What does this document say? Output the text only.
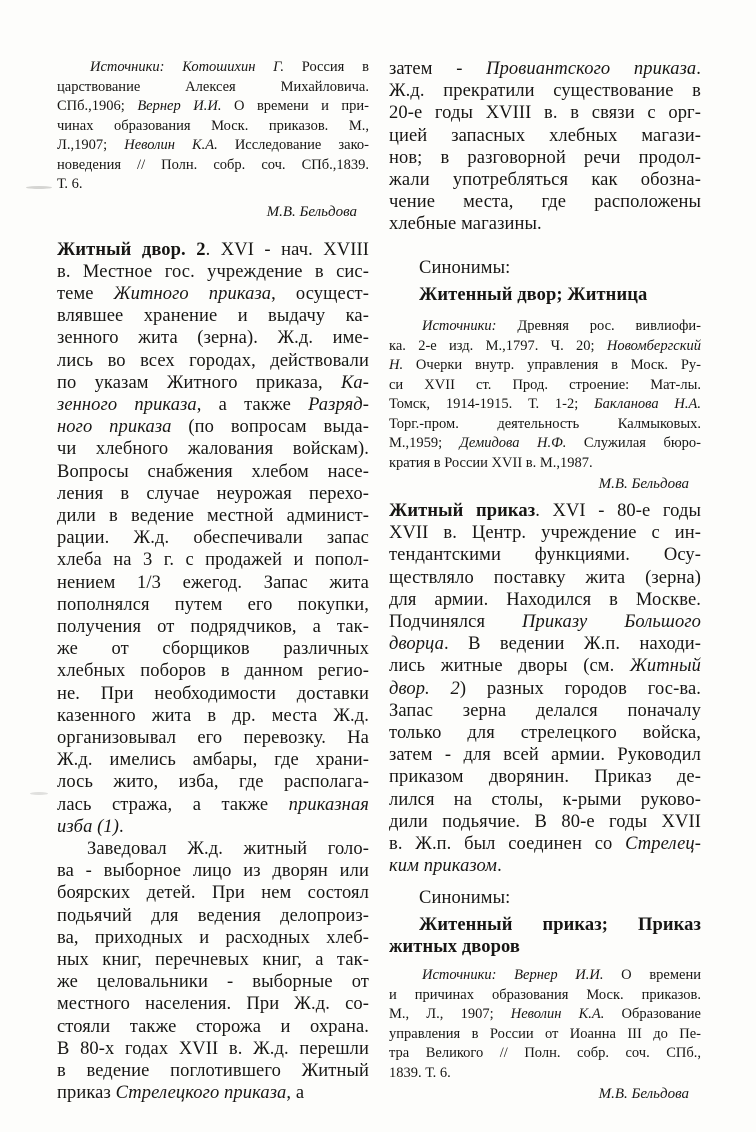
Источники: Котошихин Г. Россия в
царствование Алексея Михайловича.
СПб.,1906; Вернер И.И. О времени и при-
чинах образования Моск. приказов. М.,
Л.,1907; Неволин К.А. Исследование зако-
новедения // Полн. собр. соч. СПб.,1839.
Т. 6.
М.В. Бельдова
Житный двор. 2. XVI - нач. XVIII
в. Местное гос. учреждение в сис-
теме Житного приказа, осущест-
влявшее хранение и выдачу ка-
зенного жита (зерна). Ж.д. име-
лись во всех городах, действовали
по указам Житного приказа, Ка-
зенного приказа, а также Разряд-
ного приказа (по вопросам выда-
чи хлебного жалования войскам).
Вопросы снабжения хлебом насе-
ления в случае неурожая перехо-
дили в ведение местной админист-
рации. Ж.д. обеспечивали запас
хлеба на 3 г. с продажей и попол-
нением 1/3 ежегод. Запас жита
пополнялся путем его покупки,
получения от подрядчиков, а так-
же от сборщиков различных
хлебных поборов в данном регио-
не. При необходимости доставки
казенного жита в др. места Ж.д.
организовывал его перевозку. На
Ж.д. имелись амбары, где храни-
лось жито, изба, где располага-
лась стража, а также приказная
изба (1).
Заведовал Ж.д. житный голо-
ва - выборное лицо из дворян или
боярских детей. При нем состоял
подьячий для ведения делопроиз-
ва, приходных и расходных хлеб-
ных книг, перечневых книг, а так-
же целовальники - выборные от
местного населения. При Ж.д. со-
стояли также сторожа и охрана.
В 80-х годах XVII в. Ж.д. перешли
в ведение поглотившего Житный
приказ Стрелецкого приказа, а
затем - Провиантского приказа.
Ж.д. прекратили существование в
20-е годы XVIII в. в связи с орг-
цией запасных хлебных магази-
нов; в разговорной речи продол-
жали употребляться как обозна-
чение места, где расположены
хлебные магазины.
Синонимы:
Житенный двор; Житница
Источники: Древняя рос. вивлиофи-
ка. 2-е изд. М.,1797. Ч. 20; Новомбергский
Н. Очерки внутр. управления в Моск. Ру-
си XVII ст. Прод. строение: Мат-лы.
Томск, 1914-1915. Т. 1-2; Бакланова Н.А.
Торг.-пром. деятельность Калмыковых.
М.,1959; Демидова Н.Ф. Служилая бюро-
кратия в России XVII в. М.,1987.
М.В. Бельдова
Житный приказ. XVI - 80-е годы
XVII в. Центр. учреждение с ин-
тендантскими функциями. Осу-
ществляло поставку жита (зерна)
для армии. Находился в Москве.
Подчинялся Приказу Большого
дворца. В ведении Ж.п. находи-
лись житные дворы (см. Житный
двор. 2) разных городов гос-ва.
Запас зерна делался поначалу
только для стрелецкого войска,
затем - для всей армии. Руководил
приказом дворянин. Приказ де-
лился на столы, к-рыми руково-
дили подьячие. В 80-е годы XVII
в. Ж.п. был соединен со Стрелец-
ким приказом.
Синонимы:
Житенный приказ; Приказ
житных дворов
Источники: Вернер И.И. О времени
и причинах образования Моск. приказов.
М., Л., 1907; Неволин К.А. Образование
управления в России от Иоанна III до Пе-
тра Великого // Полн. собр. соч. СПб.,
1839. Т. 6.
М.В. Бельдова
